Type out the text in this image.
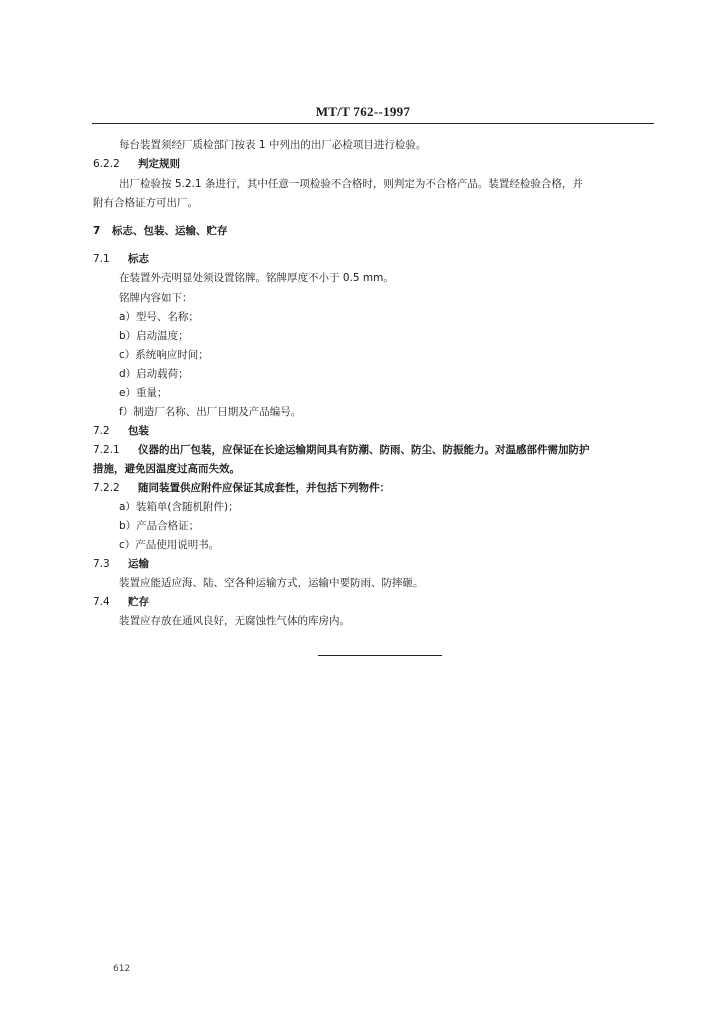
MT/T 762--1997
每台装置须经厂质检部门按表 1 中列出的出厂必检项目进行检验。
6.2.2 判定规则
出厂检验按 5.2.1 条进行，其中任意一项检验不合格时，则判定为不合格产品。装置经检验合格，并
附有合格证方可出厂。
7 标志、包装、运输、贮存
7.1 标志
在装置外壳明显处须设置铭牌。铭牌厚度不小于 0.5 mm。
铭牌内容如下：
a）型号、名称；
b）启动温度；
c）系统响应时间；
d）启动载荷；
e）重量；
f）制造厂名称、出厂日期及产品编号。
7.2 包装
7.2.1 仪器的出厂包装，应保证在长途运输期间具有防潮、防雨、防尘、防振能力。对温感部件需加防护
措施，避免因温度过高而失效。
7.2.2 随同装置供应附件应保证其成套性，并包括下列物件：
a）装箱单(含随机附件)；
b）产品合格证；
c）产品使用说明书。
7.3 运输
装置应能适应海、陆、空各种运输方式，运输中要防雨、防摔砸。
7.4 贮存
装置应存放在通风良好，无腐蚀性气体的库房内。
612
